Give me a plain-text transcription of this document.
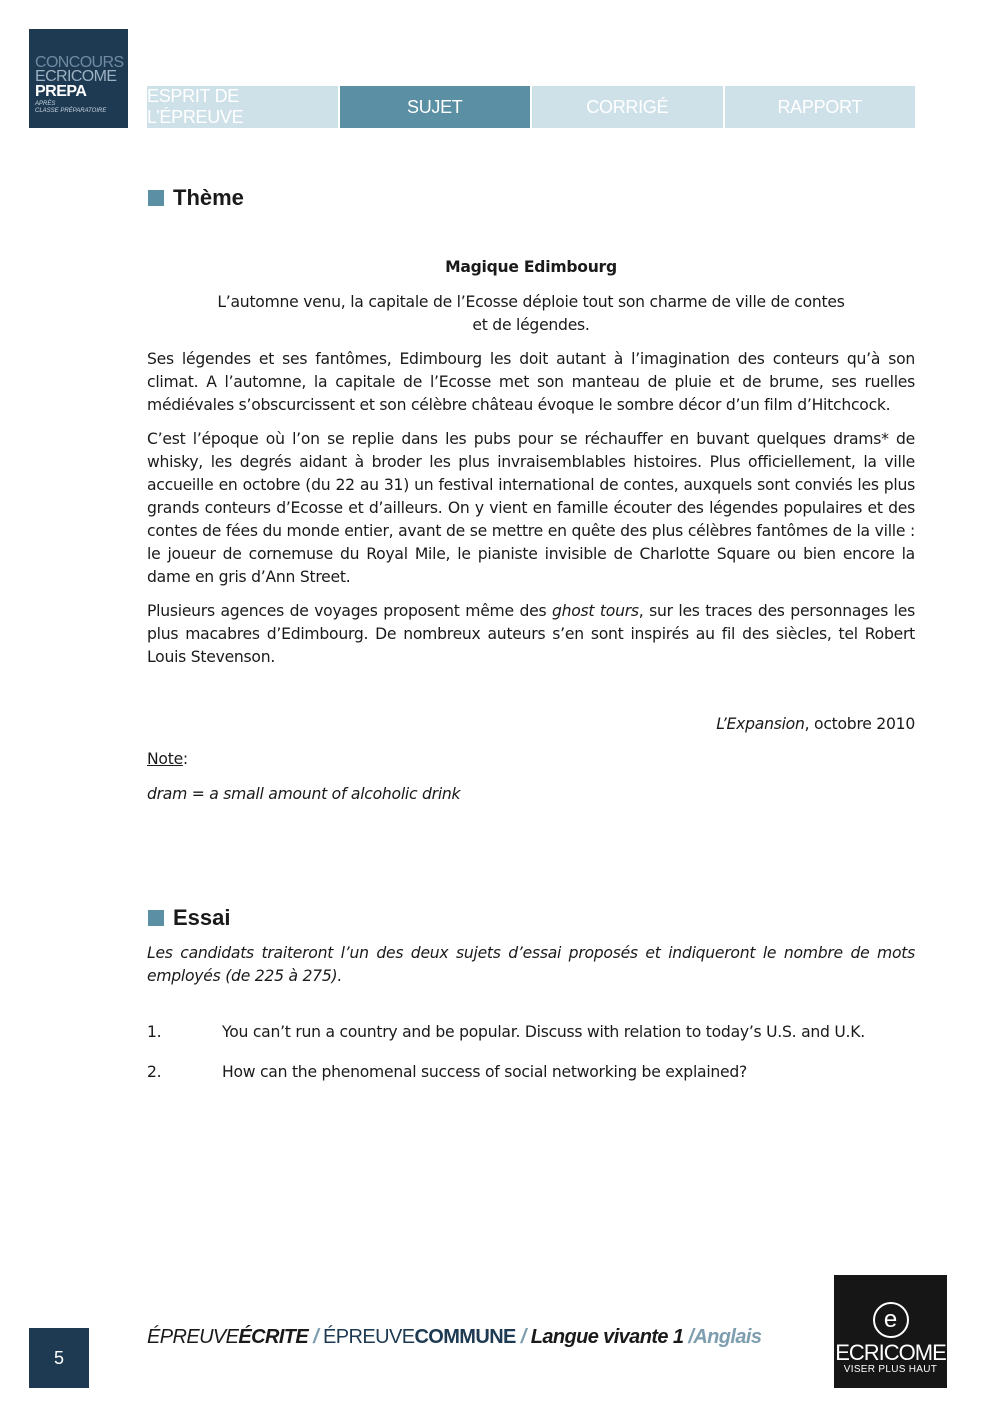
CONCOURS
ECRICOME
PREPA
APRÈS
CLASSE PRÉPARATOIRE
ESPRIT DE L’ÉPREUVE
SUJET	CORRIGÉ	RAPPORT
Thème

Magique Edimbourg

L’automne venu, la capitale de l’Ecosse déploie tout son charme de ville de contes

et de légendes.

Ses légendes et ses fantômes, Edimbourg les doit autant à l’imagination des conteurs qu’à son climat. A l’automne, la capitale de l’Ecosse met son manteau de pluie et de brume, ses ruelles médiévales s’obscurcissent et son célèbre château évoque le sombre décor d’un film d’Hitchcock.

C’est l’époque où l’on se replie dans les pubs pour se réchauffer en buvant quelques drams* de whisky, les degrés aidant à broder les plus invraisemblables histoires. Plus officiellement, la ville accueille en octobre (du 22 au 31) un festival international de contes, auxquels sont conviés les plus grands conteurs d’Ecosse et d’ailleurs. On y vient en famille écouter des légendes populaires et des contes de fées du monde entier, avant de se mettre en quête des plus célèbres fantômes de la ville : le joueur de cornemuse du Royal Mile, le pianiste invisible de Charlotte Square ou bien encore la dame en gris d’Ann Street.

Plusieurs agences de voyages proposent même des ghost tours, sur les traces des personnages les plus macabres d’Edimbourg. De nombreux auteurs s’en sont inspirés au fil des siècles, tel Robert Louis Stevenson.

L’Expansion, octobre 2010

Note:

dram = a small amount of alcoholic drink

Essai
Les candidats traiteront l’un des deux sujets d’essai proposés et indiqueront le nombre de mots employés (de 225 à 275).
1.	You can’t run a country and be popular. Discuss with relation to today’s U.S. and U.K.
2.	How can the phenomenal success of social networking be explained?
5
ÉPREUVEÉCRITE / ÉPREUVECOMMUNE / Langue vivante 1 /Anglais
e
ECRICOME
VISER PLUS HAUT
